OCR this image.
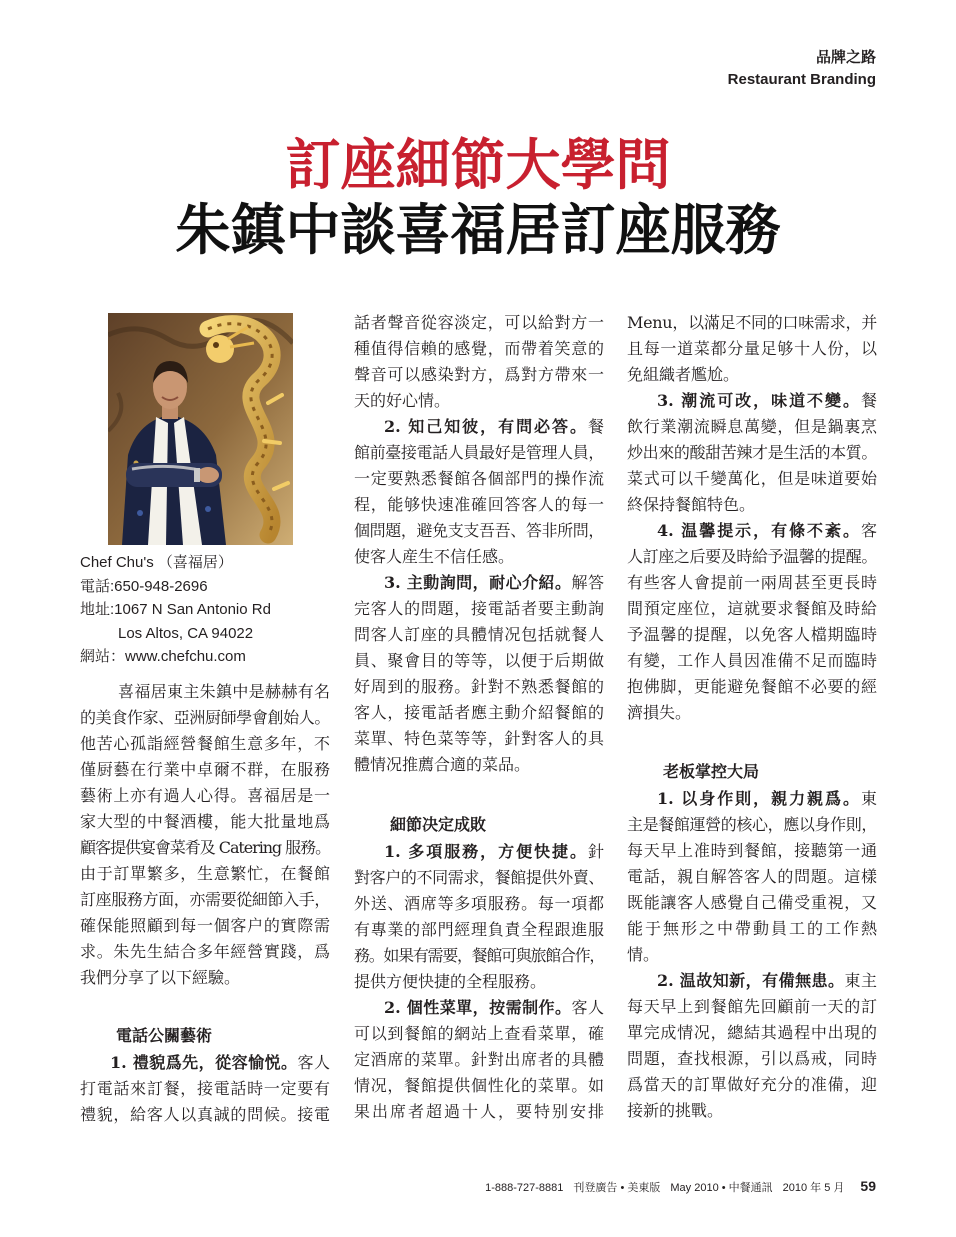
品牌之路
Restaurant Branding
訂座細節大學問
朱鎮中談喜福居訂座服務
Chef Chu's （喜福居）
電話:650-948-2696
地址:1067 N San Antonio Rd
Los Altos, CA 94022
網站：www.chefchu.com
喜福居東主朱鎮中是赫赫有名
的美食作家、亞洲厨師學會創始人。
他苦心孤詣經營餐館生意多年，不
僅厨藝在行業中卓爾不群，在服務
藝術上亦有過人心得。喜福居是一
家大型的中餐酒樓，能大批量地爲
顧客提供宴會菜肴及 Catering 服務。
由于訂單繁多，生意繁忙，在餐館
訂座服務方面，亦需要從細節入手，
確保能照顧到每一個客户的實際需
求。朱先生結合多年經營實踐，爲
我們分享了以下經驗。
電話公關藝術
1. 禮貌爲先，從容愉悦。客人
打電話來訂餐，接電話時一定要有
禮貌，給客人以真誠的問候。接電
話者聲音從容淡定，可以給對方一
種值得信賴的感覺，而帶着笑意的
聲音可以感染對方，爲對方帶來一
天的好心情。
2. 知己知彼，有問必答。餐
館前臺接電話人員最好是管理人員，
一定要熟悉餐館各個部門的操作流
程，能够快速准確回答客人的每一
個問題，避免支支吾吾、答非所問，
使客人産生不信任感。
3. 主動詢問，耐心介紹。解答
完客人的問題，接電話者要主動詢
問客人訂座的具體情况包括就餐人
員、聚會目的等等，以便于后期做
好周到的服務。針對不熟悉餐館的
客人，接電話者應主動介紹餐館的
菜單、特色菜等等，針對客人的具
體情况推薦合適的菜品。
細節决定成敗
1. 多項服務，方便快捷。針
對客户的不同需求，餐館提供外賣、
外送、酒席等多項服務。每一項都
有專業的部門經理負責全程跟進服
務。如果有需要，餐館可與旅館合作，
提供方便快捷的全程服務。
2. 個性菜單，按需制作。客人
可以到餐館的網站上查看菜單，確
定酒席的菜單。針對出席者的具體
情况，餐館提供個性化的菜單。如
果出席者超過十人，要特别安排
Menu，以滿足不同的口味需求，并
且每一道菜都分量足够十人份，以
免組織者尷尬。
3. 潮流可改，味道不變。餐
飲行業潮流瞬息萬變，但是鍋裏烹
炒出來的酸甜苦辣才是生活的本質。
菜式可以千變萬化，但是味道要始
終保持餐館特色。
4. 温馨提示，有條不紊。客
人訂座之后要及時給予温馨的提醒。
有些客人會提前一兩周甚至更長時
間預定座位，這就要求餐館及時給
予温馨的提醒，以免客人檔期臨時
有變，工作人員因准備不足而臨時
抱佛脚，更能避免餐館不必要的經
濟損失。
老板掌控大局
1. 以身作則，親力親爲。東
主是餐館運營的核心，應以身作則，
每天早上准時到餐館，接聽第一通
電話，親自解答客人的問題。這樣
既能讓客人感覺自己備受重視，又
能于無形之中帶動員工的工作熱
情。
2. 温故知新，有備無患。東主
每天早上到餐館先回顧前一天的訂
單完成情况，總結其過程中出現的
問題，查找根源，引以爲戒，同時
爲當天的訂單做好充分的准備，迎
接新的挑戰。
1-888-727-8881 刊登廣告 • 美東版 May 2010 • 中餐通訊 2010 年 5 月 59
